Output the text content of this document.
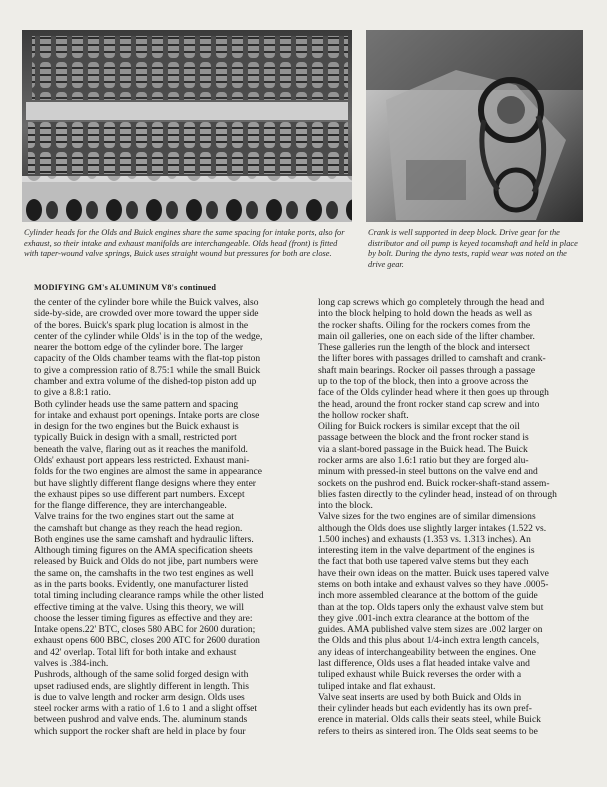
Cylinder heads for the Olds and Buick engines share the same spacing for intake ports, also for exhaust, so their intake and exhaust manifolds are interchangeable. Olds head (front) is fitted with taper-wound valve springs, Buick uses straight wound but pressures for both are close.
Crank is well supported in deep block. Drive gear for the distributor and oil pump is keyed tocamshaft and held in place by bolt. During the dyno tests, rapid wear was noted on the drive gear.
MODIFYING GM's ALUMINUM V8's continued

the center of the cylinder bore while the Buick valves, also
side-by-side, are crowded over more toward the upper side
of the bores. Buick's spark plug location is almost in the
center of the cylinder while Olds' is in the top of the wedge,
nearer the bottom edge of the cylinder bore. The larger
capacity of the Olds chamber teams with the flat-top piston
to give a compression ratio of 8.75:1 while the small Buick
chamber and extra volume of the dished-top piston add up
to give a 8.8:1 ratio.
Both cylinder heads use the same pattern and spacing
for intake and exhaust port openings. Intake ports are close
in design for the two engines but the Buick exhaust is
typically Buick in design with a small, restricted port
beneath the valve, flaring out as it reaches the manifold.
Olds' exhaust port appears less restricted. Exhaust mani-
folds for the two engines are almost the same in appearance
but have slightly different flange designs where they enter
the exhaust pipes so use different part numbers. Except
for the flange difference, they are interchangeable.
Valve trains for the two engines start out the same at
the camshaft but change as they reach the head region.
Both engines use the same camshaft and hydraulic lifters.
Although timing figures on the AMA specification sheets
released by Buick and Olds do not jibe, part numbers were
the same on, the camshafts in the two test engines as well
as in the parts books. Evidently, one manufacturer listed
total timing including clearance ramps while the other listed
effective timing at the valve. Using this theory, we will
choose the lesser timing figures as effective and they are:
Intake opens.22' BTC, closes 580 ABC for 2600 duration;
exhaust opens 600 BBC, closes 200 ATC for 2600 duration
and 42' overlap. Total lift for both intake and exhaust
valves is .384-inch.
Pushrods, although of the same solid forged design with
upset radiused ends, are slightly different in length. This
is due to valve length and rocker arm design. Olds uses
steel rocker arms with a ratio of 1.6 to 1 and a slight offset
between pushrod and valve ends. The. aluminum stands
which support the rocker shaft are held in place by four

long cap screws which go completely through the head and
into the block helping to hold down the heads as well as
the rocker shafts. Oiling for the rockers comes from the
main oil galleries, one on each side of the lifter chamber.
These galleries run the length of the block and intersect
the lifter bores with passages drilled to camshaft and crank-
shaft main bearings. Rocker oil passes through a passage
up to the top of the block, then into a groove across the
face of the Olds cylinder head where it then goes up through
the head, around the front rocker stand cap screw and into
the hollow rocker shaft.
Oiling for Buick rockers is similar except that the oil
passage between the block and the front rocker stand is
via a slant-bored passage in the Buick head. The Buick
rocker arms are also 1.6:1 ratio but they are forged alu-
minum with pressed-in steel buttons on the valve end and
sockets on the pushrod end. Buick rocker-shaft-stand assem-
blies fasten directly to the cylinder head, instead of on through
into the block.
Valve sizes for the two engines are of similar dimensions
although the Olds does use slightly larger intakes (1.522 vs.
1.500 inches) and exhausts (1.353 vs. 1.313 inches). An
interesting item in the valve department of the engines is
the fact that both use tapered valve stems but they each
have their own ideas on the matter. Buick uses tapered valve
stems on both intake and exhaust valves so they have .0005-
inch more assembled clearance at the bottom of the guide
than at the top. Olds tapers only the exhaust valve stem but
they give .001-inch extra clearance at the bottom of the
guides. AMA published valve stem sizes are .002 larger on
the Olds and this plus about 1/4-inch extra length cancels,
any ideas of interchangeability between the engines. One
last difference, Olds uses a flat headed intake valve and
tuliped exhaust while Buick reverses the order with a
tuliped intake and flat exhaust.
Valve seat inserts are used by both Buick and Olds in
their cylinder heads but each evidently has its own pref-
erence in material. Olds calls their seats steel, while Buick
refers to theirs as sintered iron. The Olds seat seems to be
